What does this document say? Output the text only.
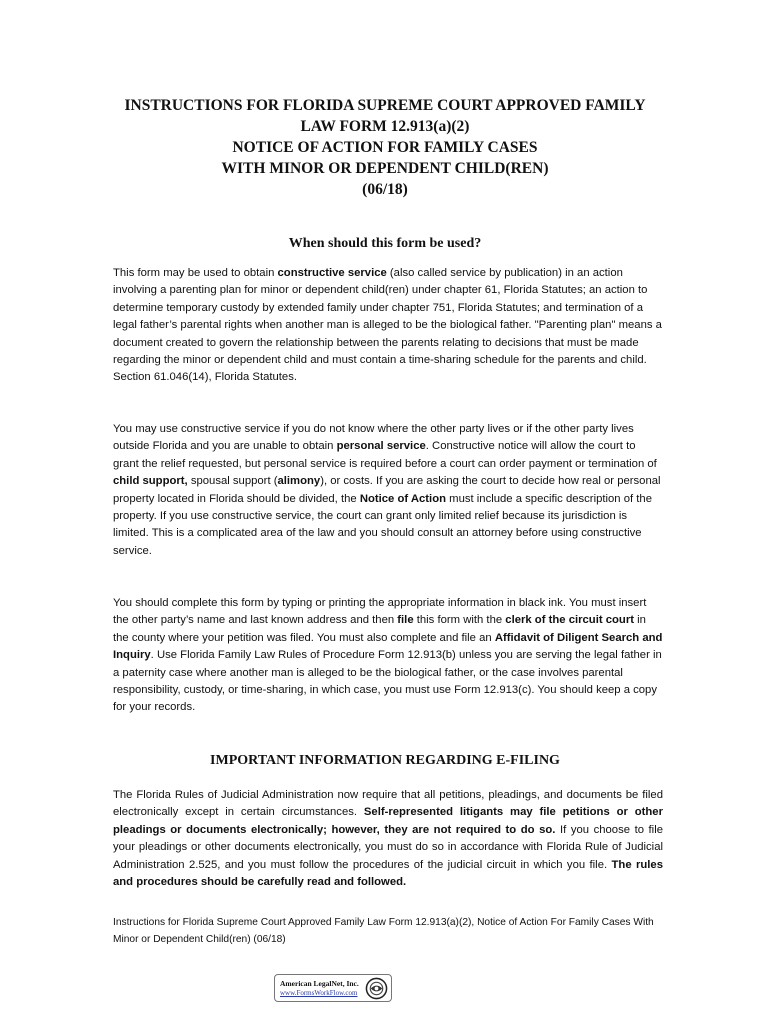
INSTRUCTIONS FOR FLORIDA SUPREME COURT APPROVED FAMILY
LAW FORM 12.913(a)(2)
NOTICE OF ACTION FOR FAMILY CASES
WITH MINOR OR DEPENDENT CHILD(REN)
(06/18)
When should this form be used?

This form may be used to obtain constructive service (also called service by publication) in an action involving a parenting plan for minor or dependent child(ren) under chapter 61, Florida Statutes; an action to determine temporary custody by extended family under chapter 751, Florida Statutes; and termination of a legal father’s parental rights when another man is alleged to be the biological father. "Parenting plan" means a document created to govern the relationship between the parents relating to decisions that must be made regarding the minor or dependent child and must contain a time-sharing schedule for the parents and child. Section 61.046(14), Florida Statutes.

You may use constructive service if you do not know where the other party lives or if the other party lives outside Florida and you are unable to obtain personal service. Constructive notice will allow the court to grant the relief requested, but personal service is required before a court can order payment or termination of child support, spousal support (alimony), or costs. If you are asking the court to decide how real or personal property located in Florida should be divided, the Notice of Action must include a specific description of the property. If you use constructive service, the court can grant only limited relief because its jurisdiction is limited. This is a complicated area of the law and you should consult an attorney before using constructive service.

You should complete this form by typing or printing the appropriate information in black ink. You must insert the other party’s name and last known address and then file this form with the clerk of the circuit court in the county where your petition was filed. You must also complete and file an Affidavit of Diligent Search and Inquiry. Use Florida Family Law Rules of Procedure Form 12.913(b) unless you are serving the legal father in a paternity case where another man is alleged to be the biological father, or the case involves parental responsibility, custody, or time-sharing, in which case, you must use Form 12.913(c). You should keep a copy for your records.

IMPORTANT INFORMATION REGARDING E-FILING

The Florida Rules of Judicial Administration now require that all petitions, pleadings, and documents be filed electronically except in certain circumstances. Self-represented litigants may file petitions or other pleadings or documents electronically; however, they are not required to do so. If you choose to file your pleadings or other documents electronically, you must do so in accordance with Florida Rule of Judicial Administration 2.525, and you must follow the procedures of the judicial circuit in which you file. The rules and procedures should be carefully read and followed.

Instructions for Florida Supreme Court Approved Family Law Form 12.913(a)(2), Notice of Action For Family Cases With Minor or Dependent Child(ren) (06/18)
American LegalNet, Inc.
www.FormsWorkFlow.com
